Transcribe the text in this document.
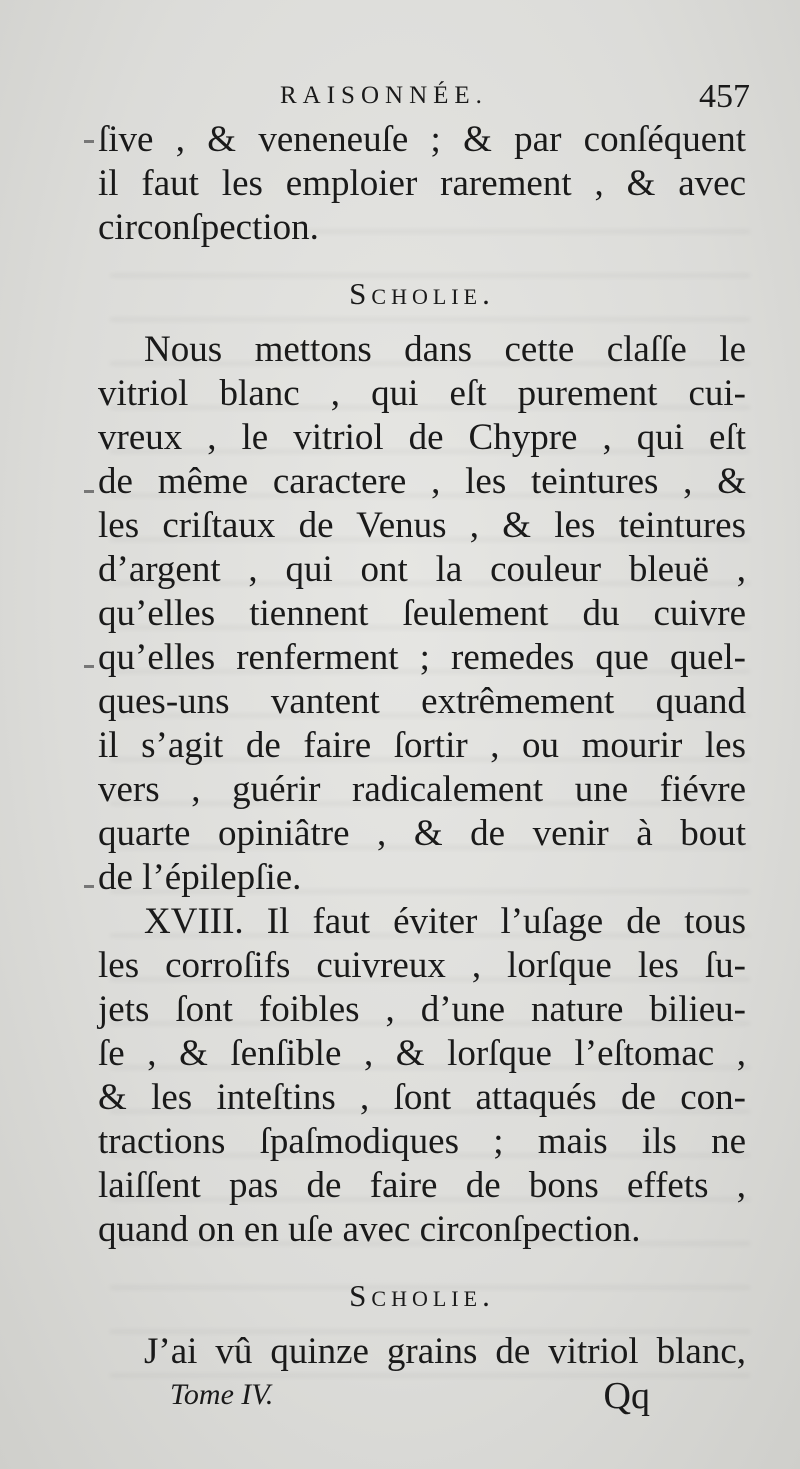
RAISONNÉE.	457
ſive , & veneneuſe ; & par conſéquent
il faut les emploier rarement , & avec
circonſpection.
Scholie.
Nous mettons dans cette claſſe le
vitriol blanc , qui eſt purement cui-
vreux , le vitriol de Chypre , qui eſt
de même caractere , les teintures , &
les criſtaux de Venus , & les teintures
d’argent , qui ont la couleur bleuë ,
qu’elles tiennent ſeulement du cuivre
qu’elles renferment ; remedes que quel-
ques-uns vantent extrêmement quand
il s’agit de faire ſortir , ou mourir les
vers , guérir radicalement une fiévre
quarte opiniâtre , & de venir à bout
de l’épilepſie.
XVIII. Il faut éviter l’uſage de tous
les corroſifs cuivreux , lorſque les ſu-
jets ſont foibles , d’une nature bilieu-
ſe , & ſenſible , & lorſque l’eſtomac ,
& les inteſtins , ſont attaqués de con-
tractions ſpaſmodiques ; mais ils ne
laiſſent pas de faire de bons effets ,
quand on en uſe avec circonſpection.
Scholie.
J’ai vû quinze grains de vitriol blanc,
Tome IV.	Qq
